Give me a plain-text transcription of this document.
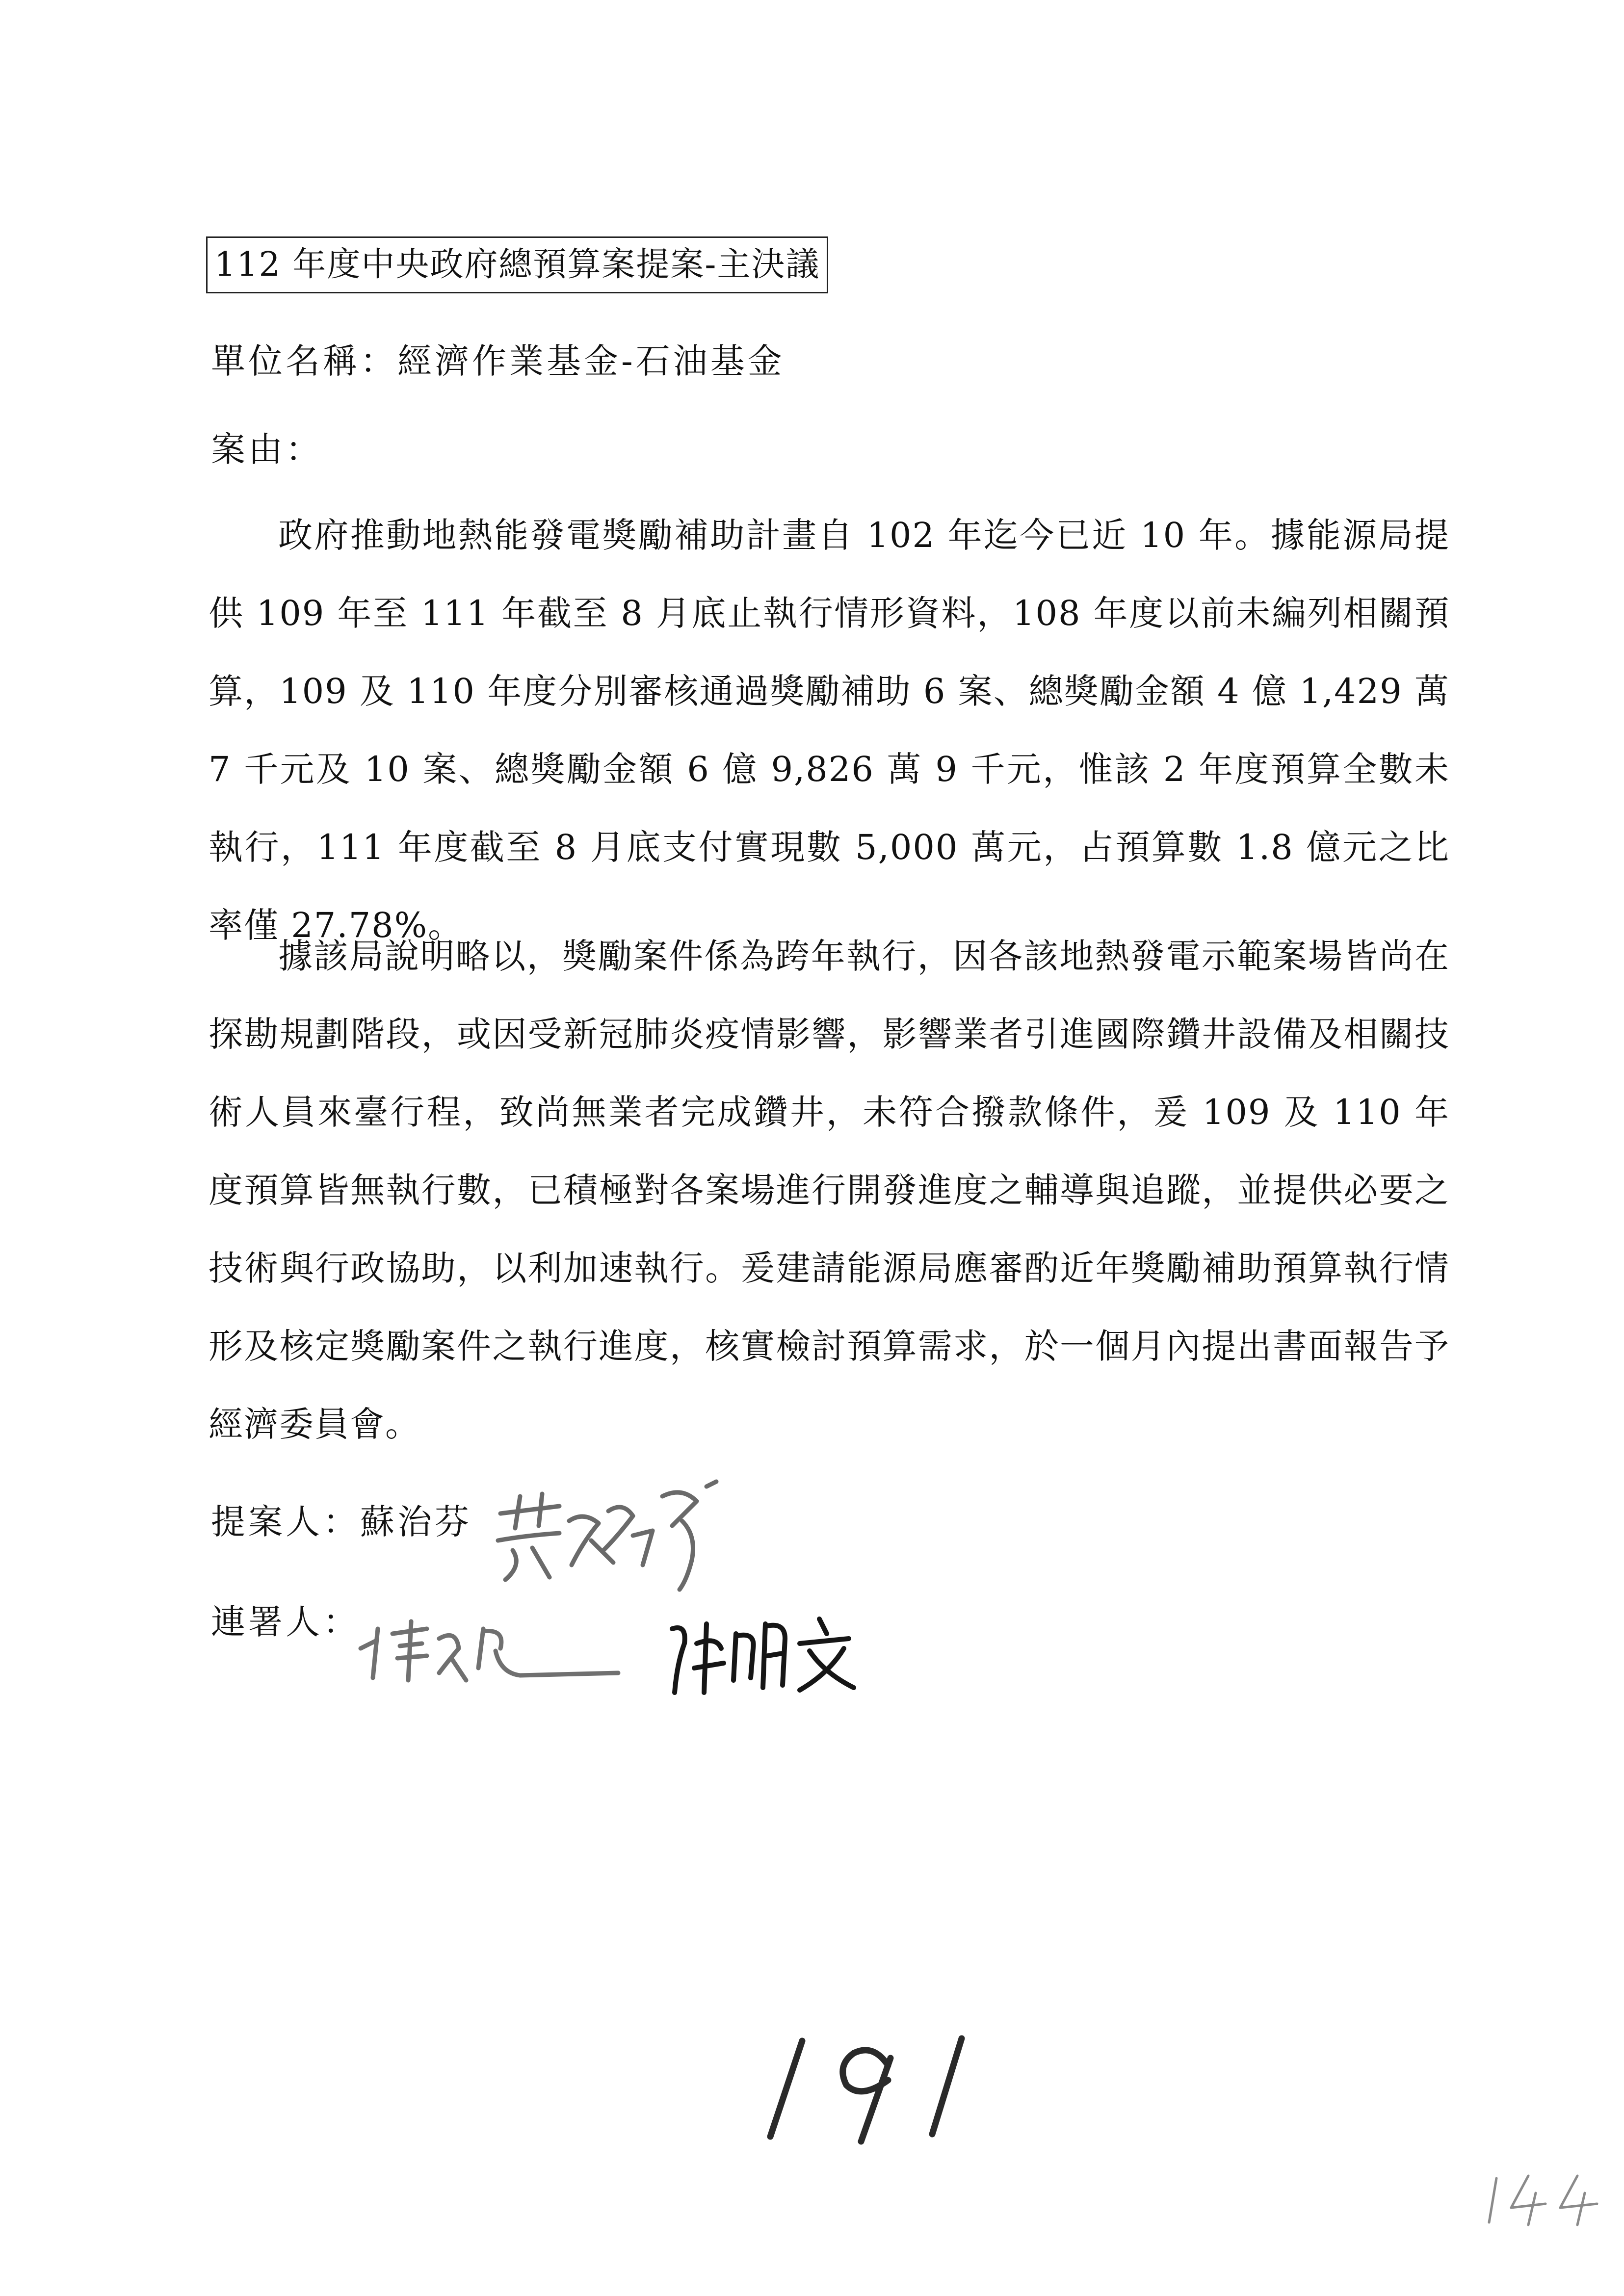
112 年度中央政府總預算案提案-主決議
單位名稱：經濟作業基金-石油基金
案由：

政府推動地熱能發電獎勵補助計畫自 102 年迄今已近 10 年。據能源局提供 109 年至 111 年截至 8 月底止執行情形資料，108 年度以前未編列相關預算，109 及 110 年度分別審核通過獎勵補助 6 案、總獎勵金額 4 億 1,429 萬 7 千元及 10 案、總獎勵金額 6 億 9,826 萬 9 千元，惟該 2 年度預算全數未執行，111 年度截至 8 月底支付實現數 5,000 萬元，占預算數 1.8 億元之比率僅 27.78%。

據該局說明略以，獎勵案件係為跨年執行，因各該地熱發電示範案場皆尚在探勘規劃階段，或因受新冠肺炎疫情影響，影響業者引進國際鑽井設備及相關技術人員來臺行程，致尚無業者完成鑽井，未符合撥款條件，爰 109 及 110 年度預算皆無執行數，已積極對各案場進行開發進度之輔導與追蹤，並提供必要之技術與行政協助，以利加速執行。爰建請能源局應審酌近年獎勵補助預算執行情形及核定獎勵案件之執行進度，核實檢討預算需求，於一個月內提出書面報告予經濟委員會。

提案人：蘇治芬
連署人：
